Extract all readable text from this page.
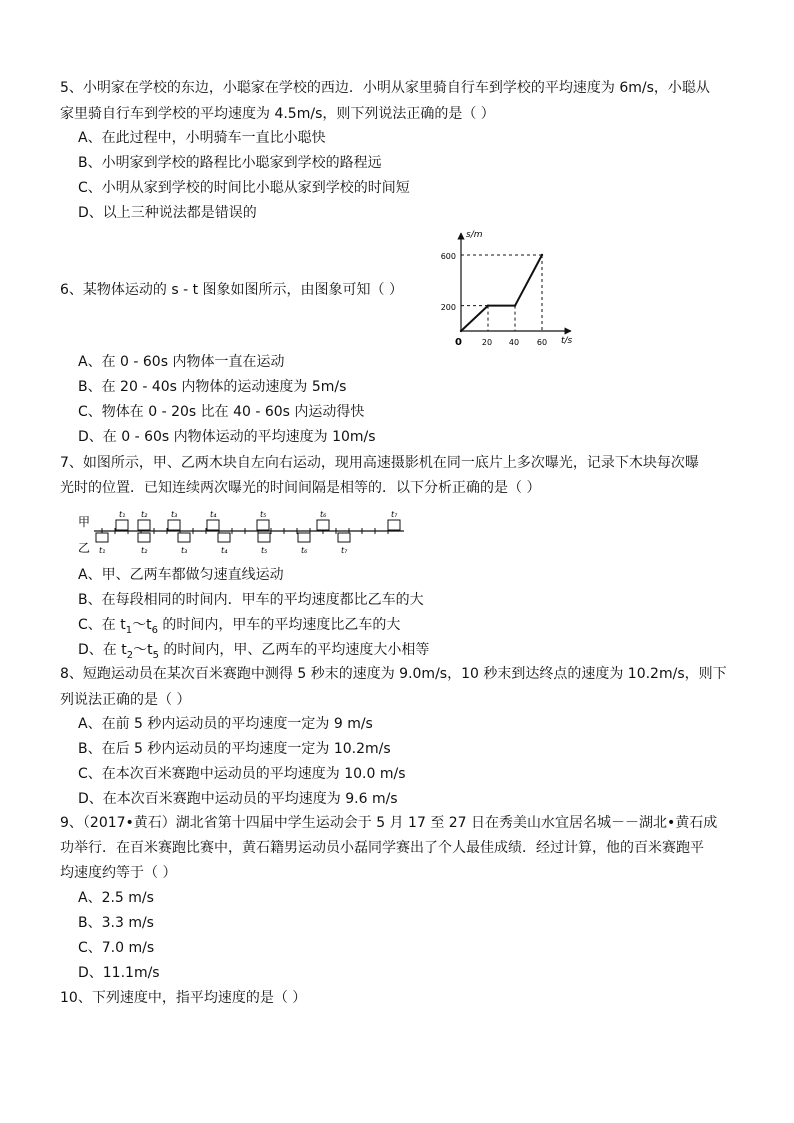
5、小明家在学校的东边，小聪家在学校的西边．小明从家里骑自行车到学校的平均速度为 6m/s，小聪从
家里骑自行车到学校的平均速度为 4.5m/s，则下列说法正确的是（ ）
A、在此过程中，小明骑车一直比小聪快
B、小明家到学校的路程比小聪家到学校的路程远
C、小明从家到学校的时间比小聪从家到学校的时间短
D、以上三种说法都是错误的
6、某物体运动的 s - t 图象如图所示，由图象可知（ ）
s/m
t/s
0
200
600
20 40 60
A、在 0 - 60s 内物体一直在运动
B、在 20 - 40s 内物体的运动速度为 5m/s
C、物体在 0 - 20s 比在 40 - 60s 内运动得快
D、在 0 - 60s 内物体运动的平均速度为 10m/s
7、如图所示，甲、乙两木块自左向右运动，现用高速摄影机在同一底片上多次曝光，记录下木块每次曝
光时的位置．已知连续两次曝光的时间间隔是相等的．以下分析正确的是（ ）
甲
乙
t₁ t₂	t₃	t₄	t₅	t₆	t₇
t₁	t₂	t₃	t₄	t₅	t₆	t₇
A、甲、乙两车都做匀速直线运动
B、在每段相同的时间内．甲车的平均速度都比乙车的大
C、在 $t_1\sim t_6$ 的时间内，甲车的平均速度比乙车的大
D、在 $t_2\sim t_5$ 的时间内，甲、乙两车的平均速度大小相等
8、短跑运动员在某次百米赛跑中测得 5 秒末的速度为 9.0m/s，10 秒末到达终点的速度为 10.2m/s，则下
列说法正确的是（ ）
A、在前 5 秒内运动员的平均速度一定为 9 m/s
B、在后 5 秒内运动员的平均速度一定为 10.2m/s
C、在本次百米赛跑中运动员的平均速度为 10.0 m/s
D、在本次百米赛跑中运动员的平均速度为 9.6 m/s
9、（2017•黄石）湖北省第十四届中学生运动会于 5 月 17 至 27 日在秀美山水宜居名城－－湖北•黄石成
功举行．在百米赛跑比赛中，黄石籍男运动员小磊同学赛出了个人最佳成绩．经过计算，他的百米赛跑平
均速度约等于（ ）
A、2.5 m/s
B、3.3 m/s
C、7.0 m/s
D、11.1m/s
10、下列速度中，指平均速度的是（ ）
